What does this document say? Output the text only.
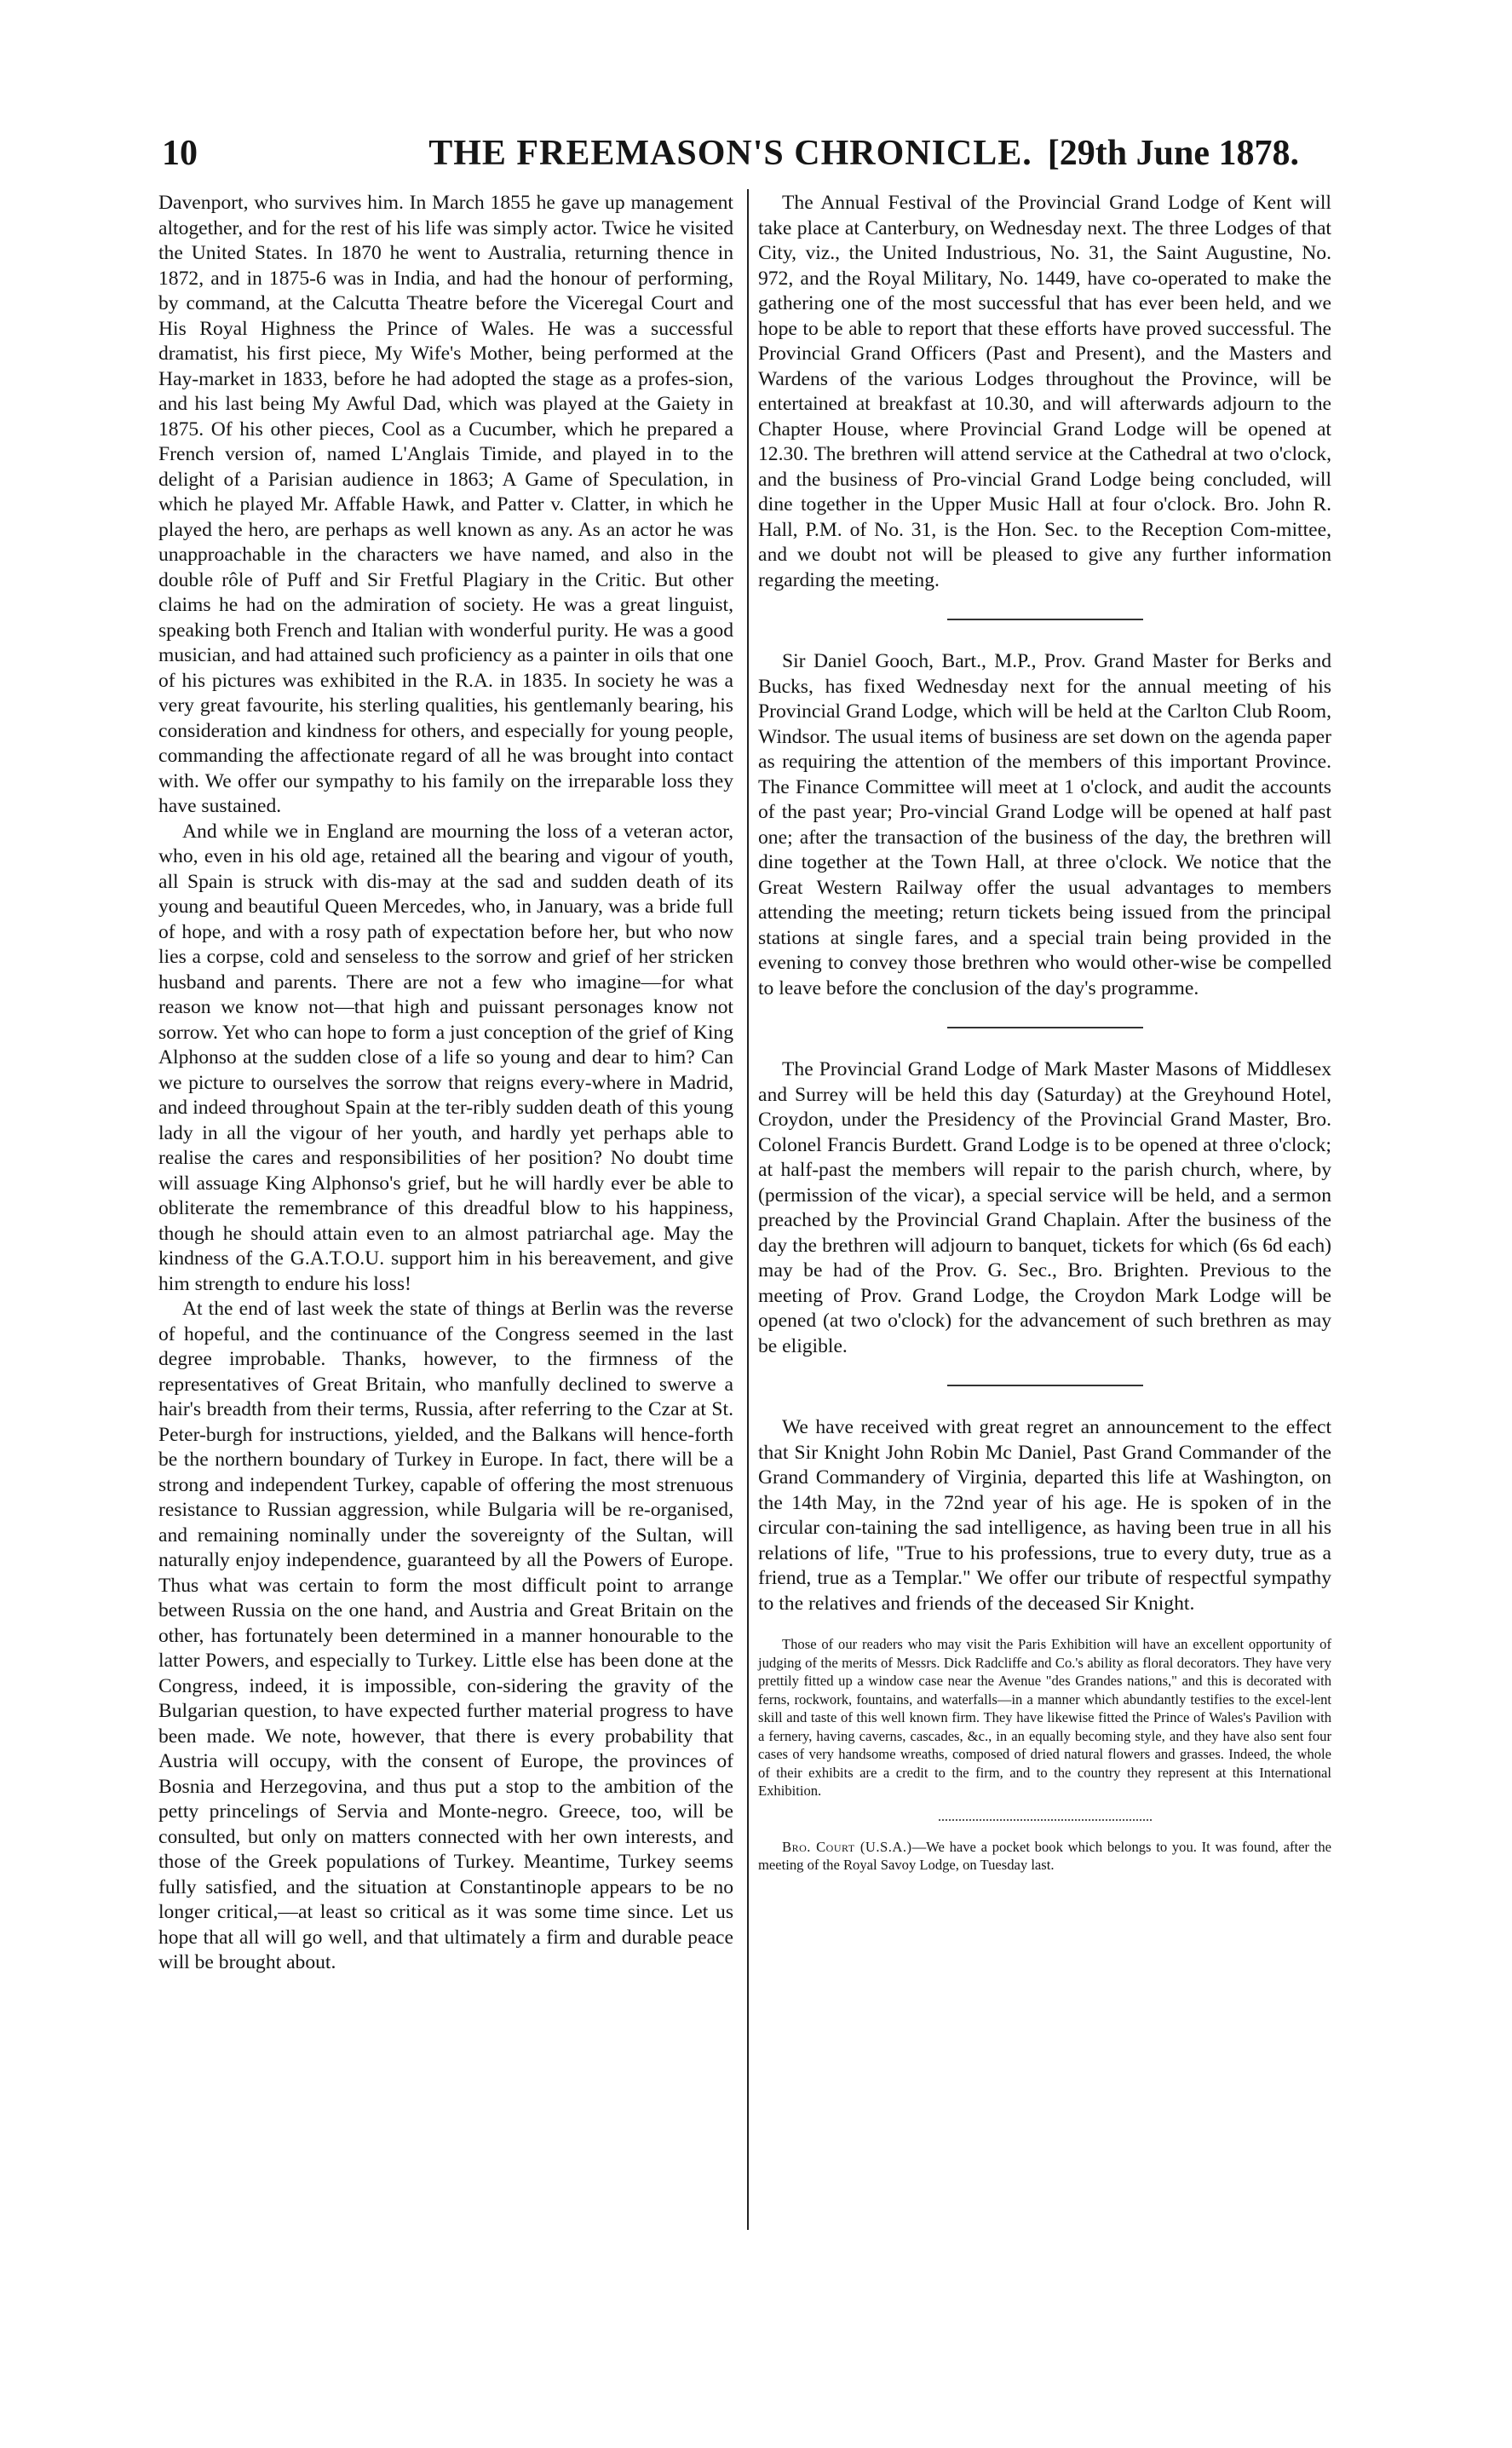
10	THE FREEMASON'S CHRONICLE. [29th June 1878.

Davenport, who survives him. In March 1855 he gave up management altogether, and for the rest of his life was simply actor. Twice he visited the United States. In 1870 he went to Australia, returning thence in 1872, and in 1875-6 was in India, and had the honour of performing, by command, at the Calcutta Theatre before the Viceregal Court and His Royal Highness the Prince of Wales. He was a successful dramatist, his first piece, My Wife's Mother, being performed at the Hay-market in 1833, before he had adopted the stage as a profes-sion, and his last being My Awful Dad, which was played at the Gaiety in 1875. Of his other pieces, Cool as a Cucumber, which he prepared a French version of, named L'Anglais Timide, and played in to the delight of a Parisian audience in 1863; A Game of Speculation, in which he played Mr. Affable Hawk, and Patter v. Clatter, in which he played the hero, are perhaps as well known as any. As an actor he was unapproachable in the characters we have named, and also in the double rôle of Puff and Sir Fretful Plagiary in the Critic. But other claims he had on the admiration of society. He was a great linguist, speaking both French and Italian with wonderful purity. He was a good musician, and had attained such proficiency as a painter in oils that one of his pictures was exhibited in the R.A. in 1835. In society he was a very great favourite, his sterling qualities, his gentlemanly bearing, his consideration and kindness for others, and especially for young people, commanding the affectionate regard of all he was brought into contact with. We offer our sympathy to his family on the irreparable loss they have sustained.

And while we in England are mourning the loss of a veteran actor, who, even in his old age, retained all the bearing and vigour of youth, all Spain is struck with dis-may at the sad and sudden death of its young and beautiful Queen Mercedes, who, in January, was a bride full of hope, and with a rosy path of expectation before her, but who now lies a corpse, cold and senseless to the sorrow and grief of her stricken husband and parents. There are not a few who imagine—for what reason we know not—that high and puissant personages know not sorrow. Yet who can hope to form a just conception of the grief of King Alphonso at the sudden close of a life so young and dear to him? Can we picture to ourselves the sorrow that reigns every-where in Madrid, and indeed throughout Spain at the ter-ribly sudden death of this young lady in all the vigour of her youth, and hardly yet perhaps able to realise the cares and responsibilities of her position? No doubt time will assuage King Alphonso's grief, but he will hardly ever be able to obliterate the remembrance of this dreadful blow to his happiness, though he should attain even to an almost patriarchal age. May the kindness of the G.A.T.O.U. support him in his bereavement, and give him strength to endure his loss!

At the end of last week the state of things at Berlin was the reverse of hopeful, and the continuance of the Congress seemed in the last degree improbable. Thanks, however, to the firmness of the representatives of Great Britain, who manfully declined to swerve a hair's breadth from their terms, Russia, after referring to the Czar at St. Peter-burgh for instructions, yielded, and the Balkans will hence-forth be the northern boundary of Turkey in Europe. In fact, there will be a strong and independent Turkey, capable of offering the most strenuous resistance to Russian aggression, while Bulgaria will be re-organised, and remaining nominally under the sovereignty of the Sultan, will naturally enjoy independence, guaranteed by all the Powers of Europe. Thus what was certain to form the most difficult point to arrange between Russia on the one hand, and Austria and Great Britain on the other, has fortunately been determined in a manner honourable to the latter Powers, and especially to Turkey. Little else has been done at the Congress, indeed, it is impossible, con-sidering the gravity of the Bulgarian question, to have expected further material progress to have been made. We note, however, that there is every probability that Austria will occupy, with the consent of Europe, the provinces of Bosnia and Herzegovina, and thus put a stop to the ambition of the petty princelings of Servia and Monte-negro. Greece, too, will be consulted, but only on matters connected with her own interests, and those of the Greek populations of Turkey. Meantime, Turkey seems fully satisfied, and the situation at Constantinople appears to be no longer critical,—at least so critical as it was some time since. Let us hope that all will go well, and that ultimately a firm and durable peace will be brought about.

The Annual Festival of the Provincial Grand Lodge of Kent will take place at Canterbury, on Wednesday next. The three Lodges of that City, viz., the United Industrious, No. 31, the Saint Augustine, No. 972, and the Royal Military, No. 1449, have co-operated to make the gathering one of the most successful that has ever been held, and we hope to be able to report that these efforts have proved successful. The Provincial Grand Officers (Past and Present), and the Masters and Wardens of the various Lodges throughout the Province, will be entertained at breakfast at 10.30, and will afterwards adjourn to the Chapter House, where Provincial Grand Lodge will be opened at 12.30. The brethren will attend service at the Cathedral at two o'clock, and the business of Pro-vincial Grand Lodge being concluded, will dine together in the Upper Music Hall at four o'clock. Bro. John R. Hall, P.M. of No. 31, is the Hon. Sec. to the Reception Com-mittee, and we doubt not will be pleased to give any further information regarding the meeting.

Sir Daniel Gooch, Bart., M.P., Prov. Grand Master for Berks and Bucks, has fixed Wednesday next for the annual meeting of his Provincial Grand Lodge, which will be held at the Carlton Club Room, Windsor. The usual items of business are set down on the agenda paper as requiring the attention of the members of this important Province. The Finance Committee will meet at 1 o'clock, and audit the accounts of the past year; Pro-vincial Grand Lodge will be opened at half past one; after the transaction of the business of the day, the brethren will dine together at the Town Hall, at three o'clock. We notice that the Great Western Railway offer the usual advantages to members attending the meeting; return tickets being issued from the principal stations at single fares, and a special train being provided in the evening to convey those brethren who would other-wise be compelled to leave before the conclusion of the day's programme.

The Provincial Grand Lodge of Mark Master Masons of Middlesex and Surrey will be held this day (Saturday) at the Greyhound Hotel, Croydon, under the Presidency of the Provincial Grand Master, Bro. Colonel Francis Burdett. Grand Lodge is to be opened at three o'clock; at half-past the members will repair to the parish church, where, by (permission of the vicar), a special service will be held, and a sermon preached by the Provincial Grand Chaplain. After the business of the day the brethren will adjourn to banquet, tickets for which (6s 6d each) may be had of the Prov. G. Sec., Bro. Brighten. Previous to the meeting of Prov. Grand Lodge, the Croydon Mark Lodge will be opened (at two o'clock) for the advancement of such brethren as may be eligible.

We have received with great regret an announcement to the effect that Sir Knight John Robin Mc Daniel, Past Grand Commander of the Grand Commandery of Virginia, departed this life at Washington, on the 14th May, in the 72nd year of his age. He is spoken of in the circular con-taining the sad intelligence, as having been true in all his relations of life, "True to his professions, true to every duty, true as a friend, true as a Templar." We offer our tribute of respectful sympathy to the relatives and friends of the deceased Sir Knight.

Those of our readers who may visit the Paris Exhibition will have an excellent opportunity of judging of the merits of Messrs. Dick Radcliffe and Co.'s ability as floral decorators. They have very prettily fitted up a window case near the Avenue "des Grandes nations," and this is decorated with ferns, rockwork, fountains, and waterfalls—in a manner which abundantly testifies to the excel-lent skill and taste of this well known firm. They have likewise fitted the Prince of Wales's Pavilion with a fernery, having caverns, cascades, &c., in an equally becoming style, and they have also sent four cases of very handsome wreaths, composed of dried natural flowers and grasses. Indeed, the whole of their exhibits are a credit to the firm, and to the country they represent at this International Exhibition.

Bro. Court (U.S.A.)—We have a pocket book which belongs to you. It was found, after the meeting of the Royal Savoy Lodge, on Tuesday last.
